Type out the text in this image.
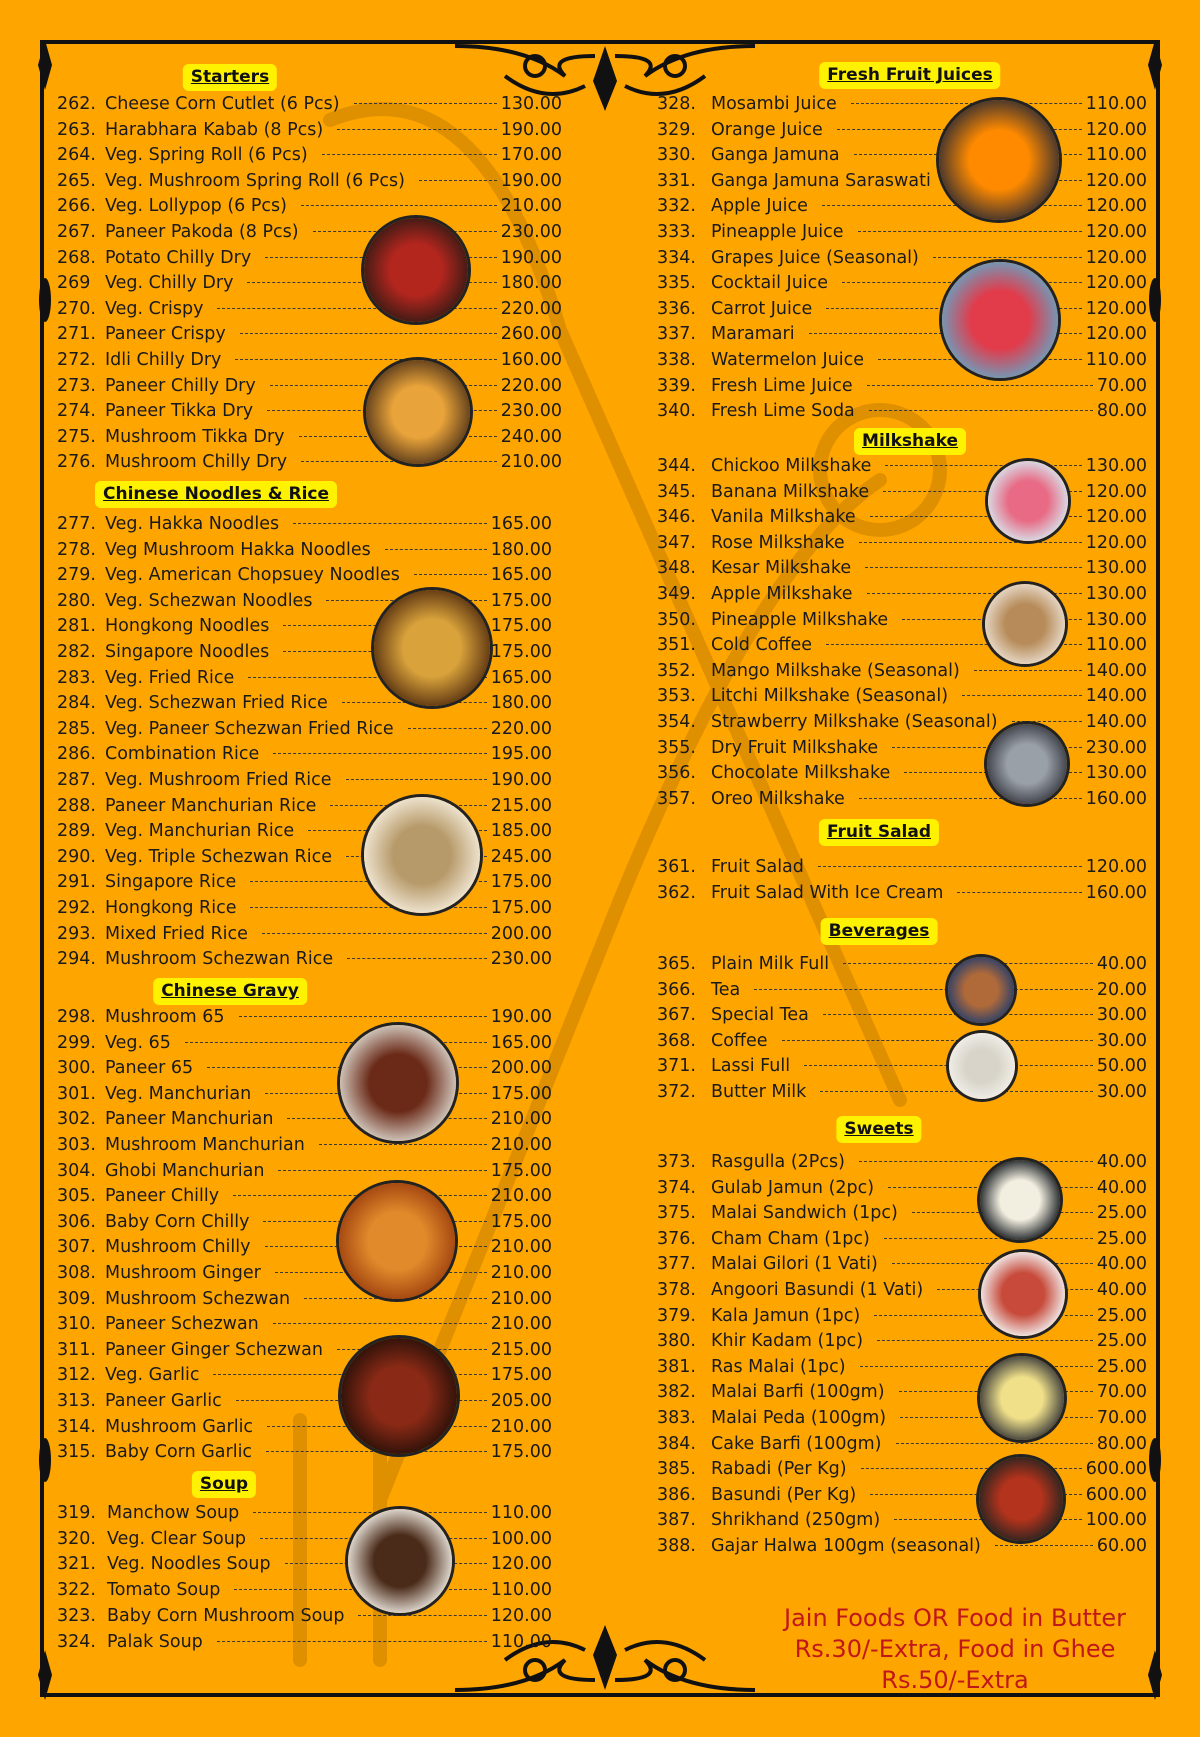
Starters
Chinese Noodles & Rice
Chinese Gravy
Soup
Fresh Fruit Juices
Milkshake
Fruit Salad
Beverages
Sweets
262. Cheese Corn Cutlet (6 Pcs)	130.00
263. Harabhara Kabab (8 Pcs)	190.00
264. Veg. Spring Roll (6 Pcs)	170.00
265. Veg. Mushroom Spring Roll (6 Pcs)	190.00
266. Veg. Lollypop (6 Pcs)	210.00
267. Paneer Pakoda (8 Pcs)	230.00
268. Potato Chilly Dry	190.00
269 Veg. Chilly Dry	180.00
270. Veg. Crispy	220.00
271. Paneer Crispy	260.00
272. Idli Chilly Dry	160.00
273. Paneer Chilly Dry	220.00
274. Paneer Tikka Dry	230.00
275. Mushroom Tikka Dry	240.00
276. Mushroom Chilly Dry	210.00
277. Veg. Hakka Noodles	165.00
278. Veg Mushroom Hakka Noodles	180.00
279. Veg. American Chopsuey Noodles	165.00
280. Veg. Schezwan Noodles	175.00
281. Hongkong Noodles	175.00
282. Singapore Noodles	175.00
283. Veg. Fried Rice	165.00
284. Veg. Schezwan Fried Rice	180.00
285. Veg. Paneer Schezwan Fried Rice	220.00
286. Combination Rice	195.00
287. Veg. Mushroom Fried Rice	190.00
288. Paneer Manchurian Rice	215.00
289. Veg. Manchurian Rice	185.00
290. Veg. Triple Schezwan Rice	245.00
291. Singapore Rice	175.00
292. Hongkong Rice	175.00
293. Mixed Fried Rice	200.00
294. Mushroom Schezwan Rice	230.00
298. Mushroom 65	190.00
299. Veg. 65	165.00
300. Paneer 65	200.00
301. Veg. Manchurian	175.00
302. Paneer Manchurian	210.00
303. Mushroom Manchurian	210.00
304. Ghobi Manchurian	175.00
305. Paneer Chilly	210.00
306. Baby Corn Chilly	175.00
307. Mushroom Chilly	210.00
308. Mushroom Ginger	210.00
309. Mushroom Schezwan	210.00
310. Paneer Schezwan	210.00
311. Paneer Ginger Schezwan	215.00
312. Veg. Garlic	175.00
313. Paneer Garlic	205.00
314. Mushroom Garlic	210.00
315. Baby Corn Garlic	175.00
319. Manchow Soup	110.00
320. Veg. Clear Soup	100.00
321. Veg. Noodles Soup	120.00
322. Tomato Soup	110.00
323. Baby Corn Mushroom Soup	120.00
324. Palak Soup	110.00
328. Mosambi Juice	110.00
329. Orange Juice	120.00
330. Ganga Jamuna	110.00
331. Ganga Jamuna Saraswati	120.00
332. Apple Juice	120.00
333. Pineapple Juice	120.00
334. Grapes Juice (Seasonal)	120.00
335. Cocktail Juice	120.00
336. Carrot Juice	120.00
337. Maramari	120.00
338. Watermelon Juice	110.00
339. Fresh Lime Juice	70.00
340. Fresh Lime Soda	80.00
344. Chickoo Milkshake	130.00
345. Banana Milkshake	120.00
346. Vanila Milkshake	120.00
347. Rose Milkshake	120.00
348. Kesar Milkshake	130.00
349. Apple Milkshake	130.00
350. Pineapple Milkshake	130.00
351. Cold Coffee	110.00
352. Mango Milkshake (Seasonal)	140.00
353. Litchi Milkshake (Seasonal)	140.00
354. Strawberry Milkshake (Seasonal)	140.00
355. Dry Fruit Milkshake	230.00
356. Chocolate Milkshake	130.00
357. Oreo Milkshake	160.00
361. Fruit Salad	120.00
362. Fruit Salad With Ice Cream	160.00
365. Plain Milk Full	40.00
366. Tea	20.00
367. Special Tea	30.00
368. Coffee	30.00
371. Lassi Full	50.00
372. Butter Milk	30.00
373. Rasgulla (2Pcs)	40.00
374. Gulab Jamun (2pc)	40.00
375. Malai Sandwich (1pc)	25.00
376. Cham Cham (1pc)	25.00
377. Malai Gilori (1 Vati)	40.00
378. Angoori Basundi (1 Vati)	40.00
379. Kala Jamun (1pc)	25.00
380. Khir Kadam (1pc)	25.00
381. Ras Malai (1pc)	25.00
382. Malai Barfi (100gm)	70.00
383. Malai Peda (100gm)	70.00
384. Cake Barfi (100gm)	80.00
385. Rabadi (Per Kg)	600.00
386. Basundi (Per Kg)	600.00
387. Shrikhand (250gm)	100.00
388. Gajar Halwa 100gm (seasonal)	60.00
Jain Foods OR Food in Butter
Rs.30/-Extra, Food in Ghee
Rs.50/-Extra
